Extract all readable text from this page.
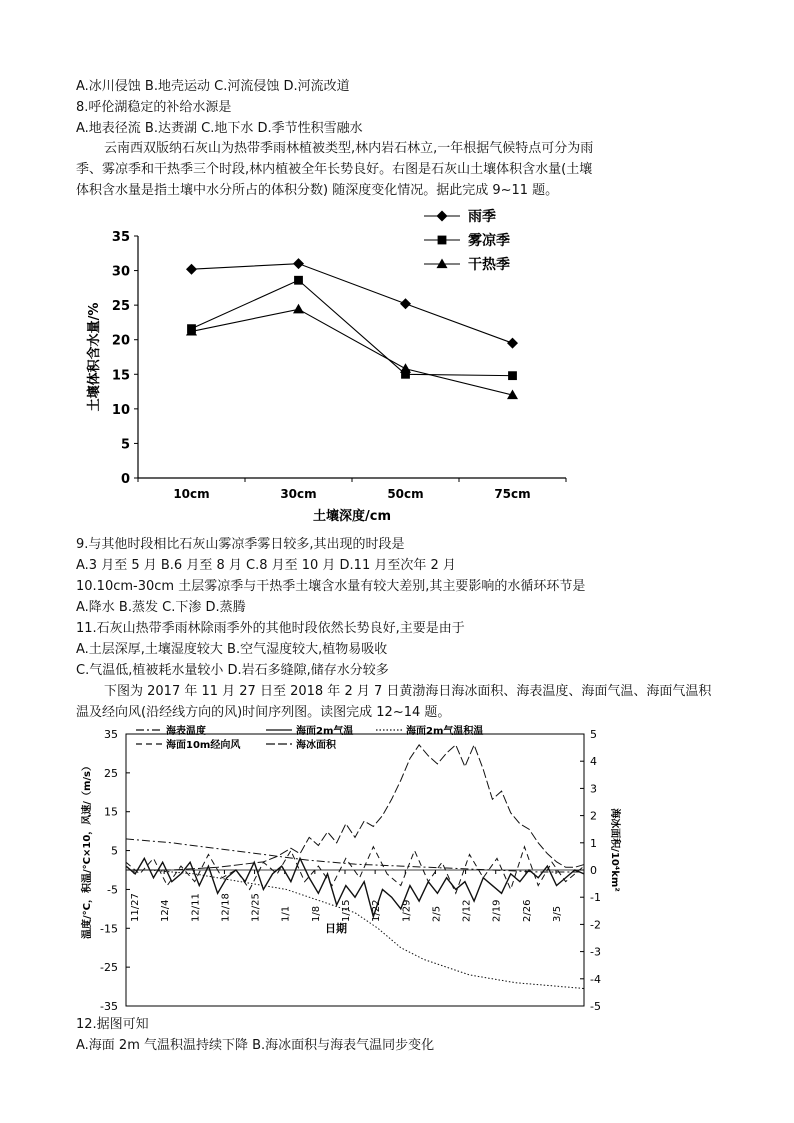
A.冰川侵蚀 B.地壳运动 C.河流侵蚀 D.河流改道
8.呼伦湖稳定的补给水源是
A.地表径流 B.达赉湖 C.地下水 D.季节性积雪融水
云南西双版纳石灰山为热带季雨林植被类型,林内岩石林立,一年根据气候特点可分为雨
季、雾凉季和干热季三个时段,林内植被全年长势良好。右图是石灰山土壤体积含水量(土壤
体积含水量是指土壤中水分所占的体积分数) 随深度变化情况。据此完成 9~11 题。
0
5
10
15
20
25
30
35
10cm	30cm	50cm	75cm
土壤深度/cm
土壤体积含水量/%
雨季
雾凉季
干热季
9.与其他时段相比石灰山雾凉季雾日较多,其出现的时段是
A.3 月至 5 月 B.6 月至 8 月 C.8 月至 10 月 D.11 月至次年 2 月
10.10cm-30cm 土层雾凉季与干热季土壤含水量有较大差别,其主要影响的水循环环节是
A.降水 B.蒸发 C.下渗 D.蒸腾
11.石灰山热带季雨林除雨季外的其他时段依然长势良好,主要是由于
A.土层深厚,土壤湿度较大 B.空气湿度较大,植物易吸收
C.气温低,植被耗水量较小 D.岩石多缝隙,储存水分较多
下图为 2017 年 11 月 27 日至 2018 年 2 月 7 日黄渤海日海冰面积、海表温度、海面气温、海面气温积
温及经向风(沿经线方向的风)时间序列图。读图完成 12~14 题。
-35
-25
-15
-5
5
15
25
35
-5
-4
-3
-2
-1
0
1
2
3
4
5
11/27 12/4 12/11 12/18 12/25 1/1 1/8 1/15 1/22 1/29 2/5 2/12 2/19 2/26 3/5
日期
温度/°C，积温/°C×10，风速/（m/s）	海冰面积/10⁴km²
海表温度	海面2m气温	海面2m气温积温
海面10m经向风	海冰面积
12.据图可知
A.海面 2m 气温积温持续下降 B.海冰面积与海表气温同步变化
